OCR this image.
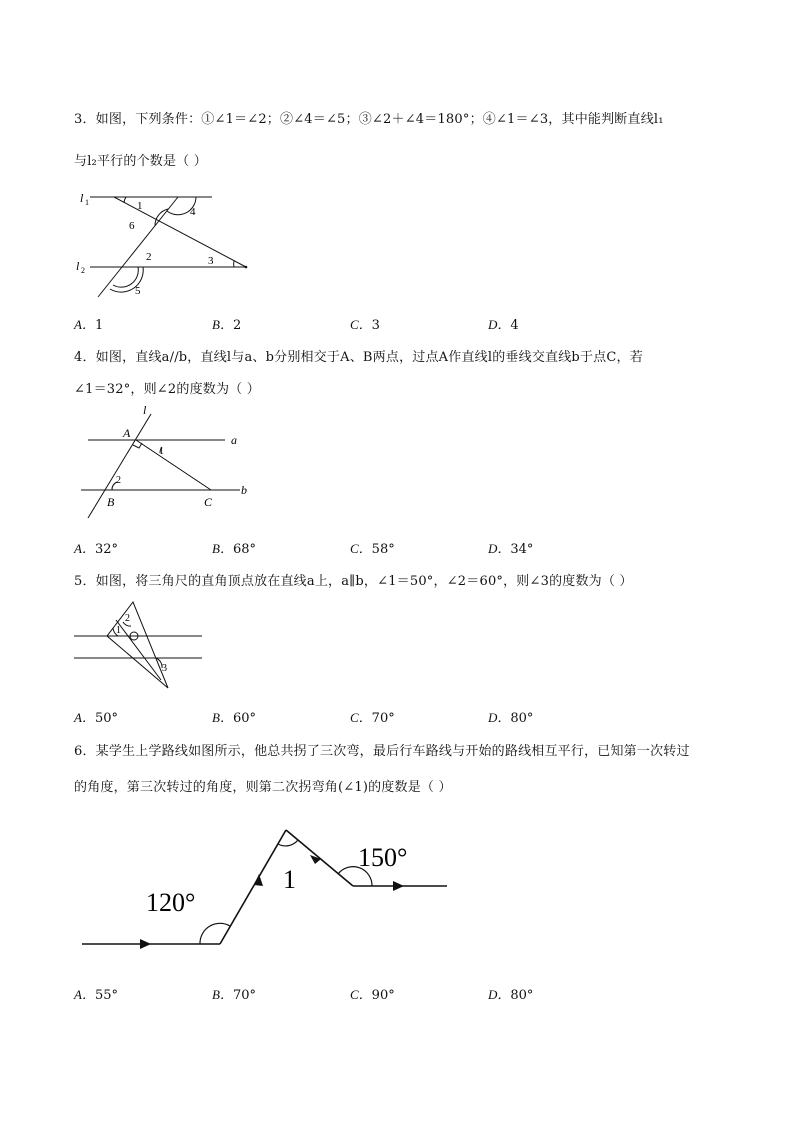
3．如图，下列条件：①∠1＝∠2；②∠4＝∠5；③∠2＋∠4＝180°；④∠1＝∠3，其中能判断直线l₁
与l₂平行的个数是（ ）
l 1
l 2
1	4
6
2	3
5
A．1	B．2	C．3	D．4
4．如图，直线a//b，直线l与a、b分别相交于A、B两点，过点A作直线l的垂线交直线b于点C，若
∠1＝32°，则∠2的度数为（ ）
l
A	a
1
2
B	C
b
A．32°	B．68°	C．58°	D．34°
5．如图，将三角尺的直角顶点放在直线a上，a∥b，∠1＝50°，∠2＝60°，则∠3的度数为（ ）
1
2
3
A．50°	B．60°	C．70°	D．80°
6．某学生上学路线如图所示，他总共拐了三次弯，最后行车路线与开始的路线相互平行，已知第一次转过
的角度，第三次转过的角度，则第二次拐弯角(∠1)的度数是（ ）
120°
1
150°
A．55°	B．70°	C．90°	D．80°
